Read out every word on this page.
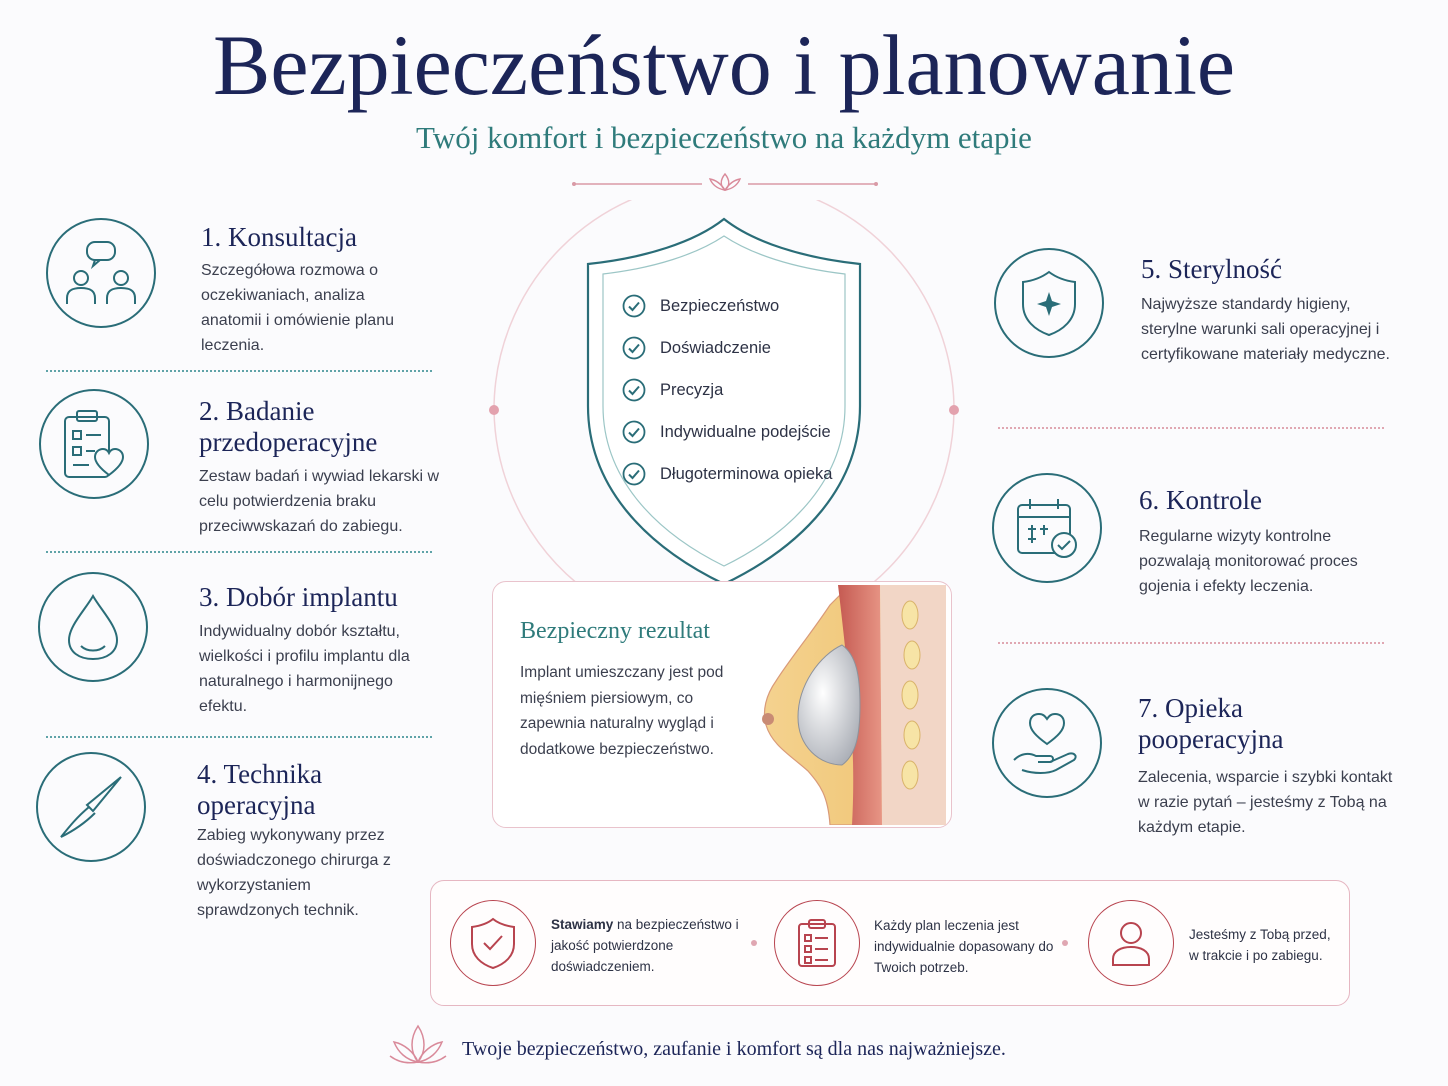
Bezpieczeństwo i planowanie
Twój komfort i bezpieczeństwo na każdym etapie
Bezpieczeństwo
Doświadczenie
Precyzja
Indywidualne podejście
Długoterminowa opieka
Bezpieczny rezultat
Implant umieszczany jest pod mięśniem piersiowym, co zapewnia naturalny wygląd i dodatkowe bezpieczeństwo.
1. Konsultacja
Szczegółowa rozmowa o oczekiwaniach, analiza anatomii i omówienie planu leczenia.
2. Badanie przedoperacyjne
Zestaw badań i wywiad lekarski w celu potwierdzenia braku przeciwwskazań do zabiegu.
3. Dobór implantu
Indywidualny dobór kształtu, wielkości i profilu implantu dla naturalnego i harmonijnego efektu.
4. Technika operacyjna
Zabieg wykonywany przez doświadczonego chirurga z wykorzystaniem sprawdzonych technik.
5. Sterylność
Najwyższe standardy higieny, sterylne warunki sali operacyjnej i certyfikowane materiały medyczne.
6. Kontrole
Regularne wizyty kontrolne pozwalają monitorować proces gojenia i efekty leczenia.
7. Opieka pooperacyjna
Zalecenia, wsparcie i szybki kontakt w razie pytań – jesteśmy z Tobą na każdym etapie.
Stawiamy na bezpieczeństwo i jakość potwierdzone doświadczeniem.
Każdy plan leczenia jest indywidualnie dopasowany do Twoich potrzeb.
Jesteśmy z Tobą przed, w trakcie i po zabiegu.
Twoje bezpieczeństwo, zaufanie i komfort są dla nas najważniejsze.
